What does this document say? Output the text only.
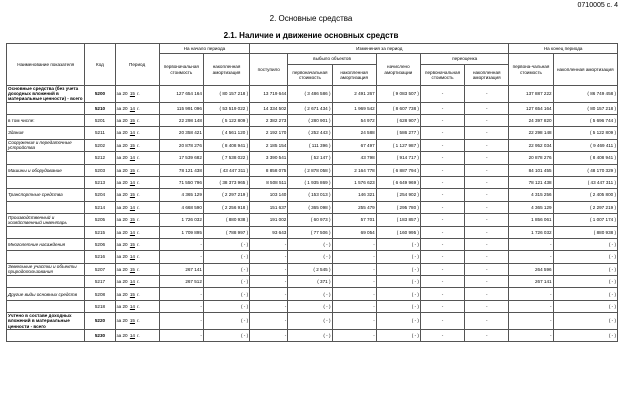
0710005 с. 4
2. Основные средства
2.1. Наличие и движение основных средств
Наименование показателя	Код	Период	На начало периода		Изменения за период						На конец периода	
			первоначальная стоимость	накопленная амортизация	поступило	выбыло объектов		начислено амортизации	переоценка		первона-чальная стоимость	накопленная амортизация
						первоначальная стоимость	накопленная амортизация		первоначальная стоимость	накопленная амортизация		
Основные средства (без учета доходных вложений в материальные ценности) - всего	5200	за 20 15 г.	127 654 164	( 80 157 218 )	13 719 644	( 3 486 586 )	2 491 267	( 9 083 507 )	-	-	137 887 222	( 86 749 458 )
	5210	за 20 14 г.	115 991 096	( 53 519 022 )	14 334 502	( 2 671 434 )	1 969 542	( 8 607 738 )	-	-	127 654 164	( 80 157 218 )
в том числе:	5201	за 20 15 г.	22 298 148	( 5 122 809 )	2 382 273	( 280 901 )	54 972	( 628 907 )	-	-	24 397 820	( 5 696 744 )
Здания	5211	за 20 14 г.	20 358 421	( 4 561 120 )	2 192 170	( 252 443 )	24 588	( 586 277 )	-	-	22 298 148	( 5 122 809 )
Сооружения и передаточные устройства	5202	за 20 15 г.	20 878 276	( 8 408 941 )	2 185 154	( 111 396 )	67 497	( 1 127 987 )	-	-	22 952 034	( 9 469 411 )
	5212	за 20 14 г.	17 539 682	( 7 538 022 )	3 390 541	( 52 147 )	43 798	( 914 717 )	-	-	20 878 276	( 8 408 941 )
Машины и оборудование	5203	за 20 15 г.	78 121 438	( 43 447 311 )	8 858 075	( 2 878 058 )	2 164 778	( 6 887 794 )	-	-	84 101 455	( 48 170 329 )
	5213	за 20 14 г.	71 550 796	( 38 373 965 )	8 508 511	( 1 935 869 )	1 576 623	( 6 649 969 )	-	-	78 121 438	( 43 447 311 )
Транспортные средства	5204	за 20 15 г.	4 365 129	( 2 297 219 )	103 140	( 153 013 )	146 321	( 254 902 )	-	-	4 315 256	( 2 405 800 )
	5214	за 20 14 г.	4 668 590	( 2 256 918 )	151 637	( 365 098 )	255 479	( 295 780 )	-	-	4 365 129	( 2 297 219 )
Производственный и хозяйственный инвентарь	5205	за 20 15 г.	1 726 032	( 880 938 )	191 002	( 60 973 )	57 701	( 183 857 )	-	-	1 856 061	( 1 007 174 )
	5215	за 20 14 г.	1 709 895	( 788 997 )	93 643	( 77 506 )	69 054	( 160 995 )	-	-	1 726 032	( 880 938 )
Многолетние насаждения	5206	за 20 15 г.	-	( - )	-	( - )	-	( - )	-	-	-	( - )
	5216	за 20 14 г.	-	( - )	-	( - )	-	( - )	-	-	-	( - )
Земельные участки и объекты природопользования	5207	за 20 15 г.	267 141	( - )	-	( 2 545 )	-	( - )	-	-	264 596	( - )
	5217	за 20 14 г.	267 512	( - )	-	( 371 )	-	( - )	-	-	267 141	( - )
Другие виды основных средств	5208	за 20 15 г.	-	( - )	-	( - )	-	( - )	-	-	-	( - )
	5218	за 20 14 г.	-	( - )	-	( - )	-	( - )	-	-	-	( - )
Учтено в составе доходных вложений в материальные ценности - всего	5220	за 20 15 г.	-	( - )	-	( - )	-	( - )	-	-	-	( - )
	5230	за 20 14 г.	-	( - )	-	( - )	-	( - )	-	-	-	( - )
